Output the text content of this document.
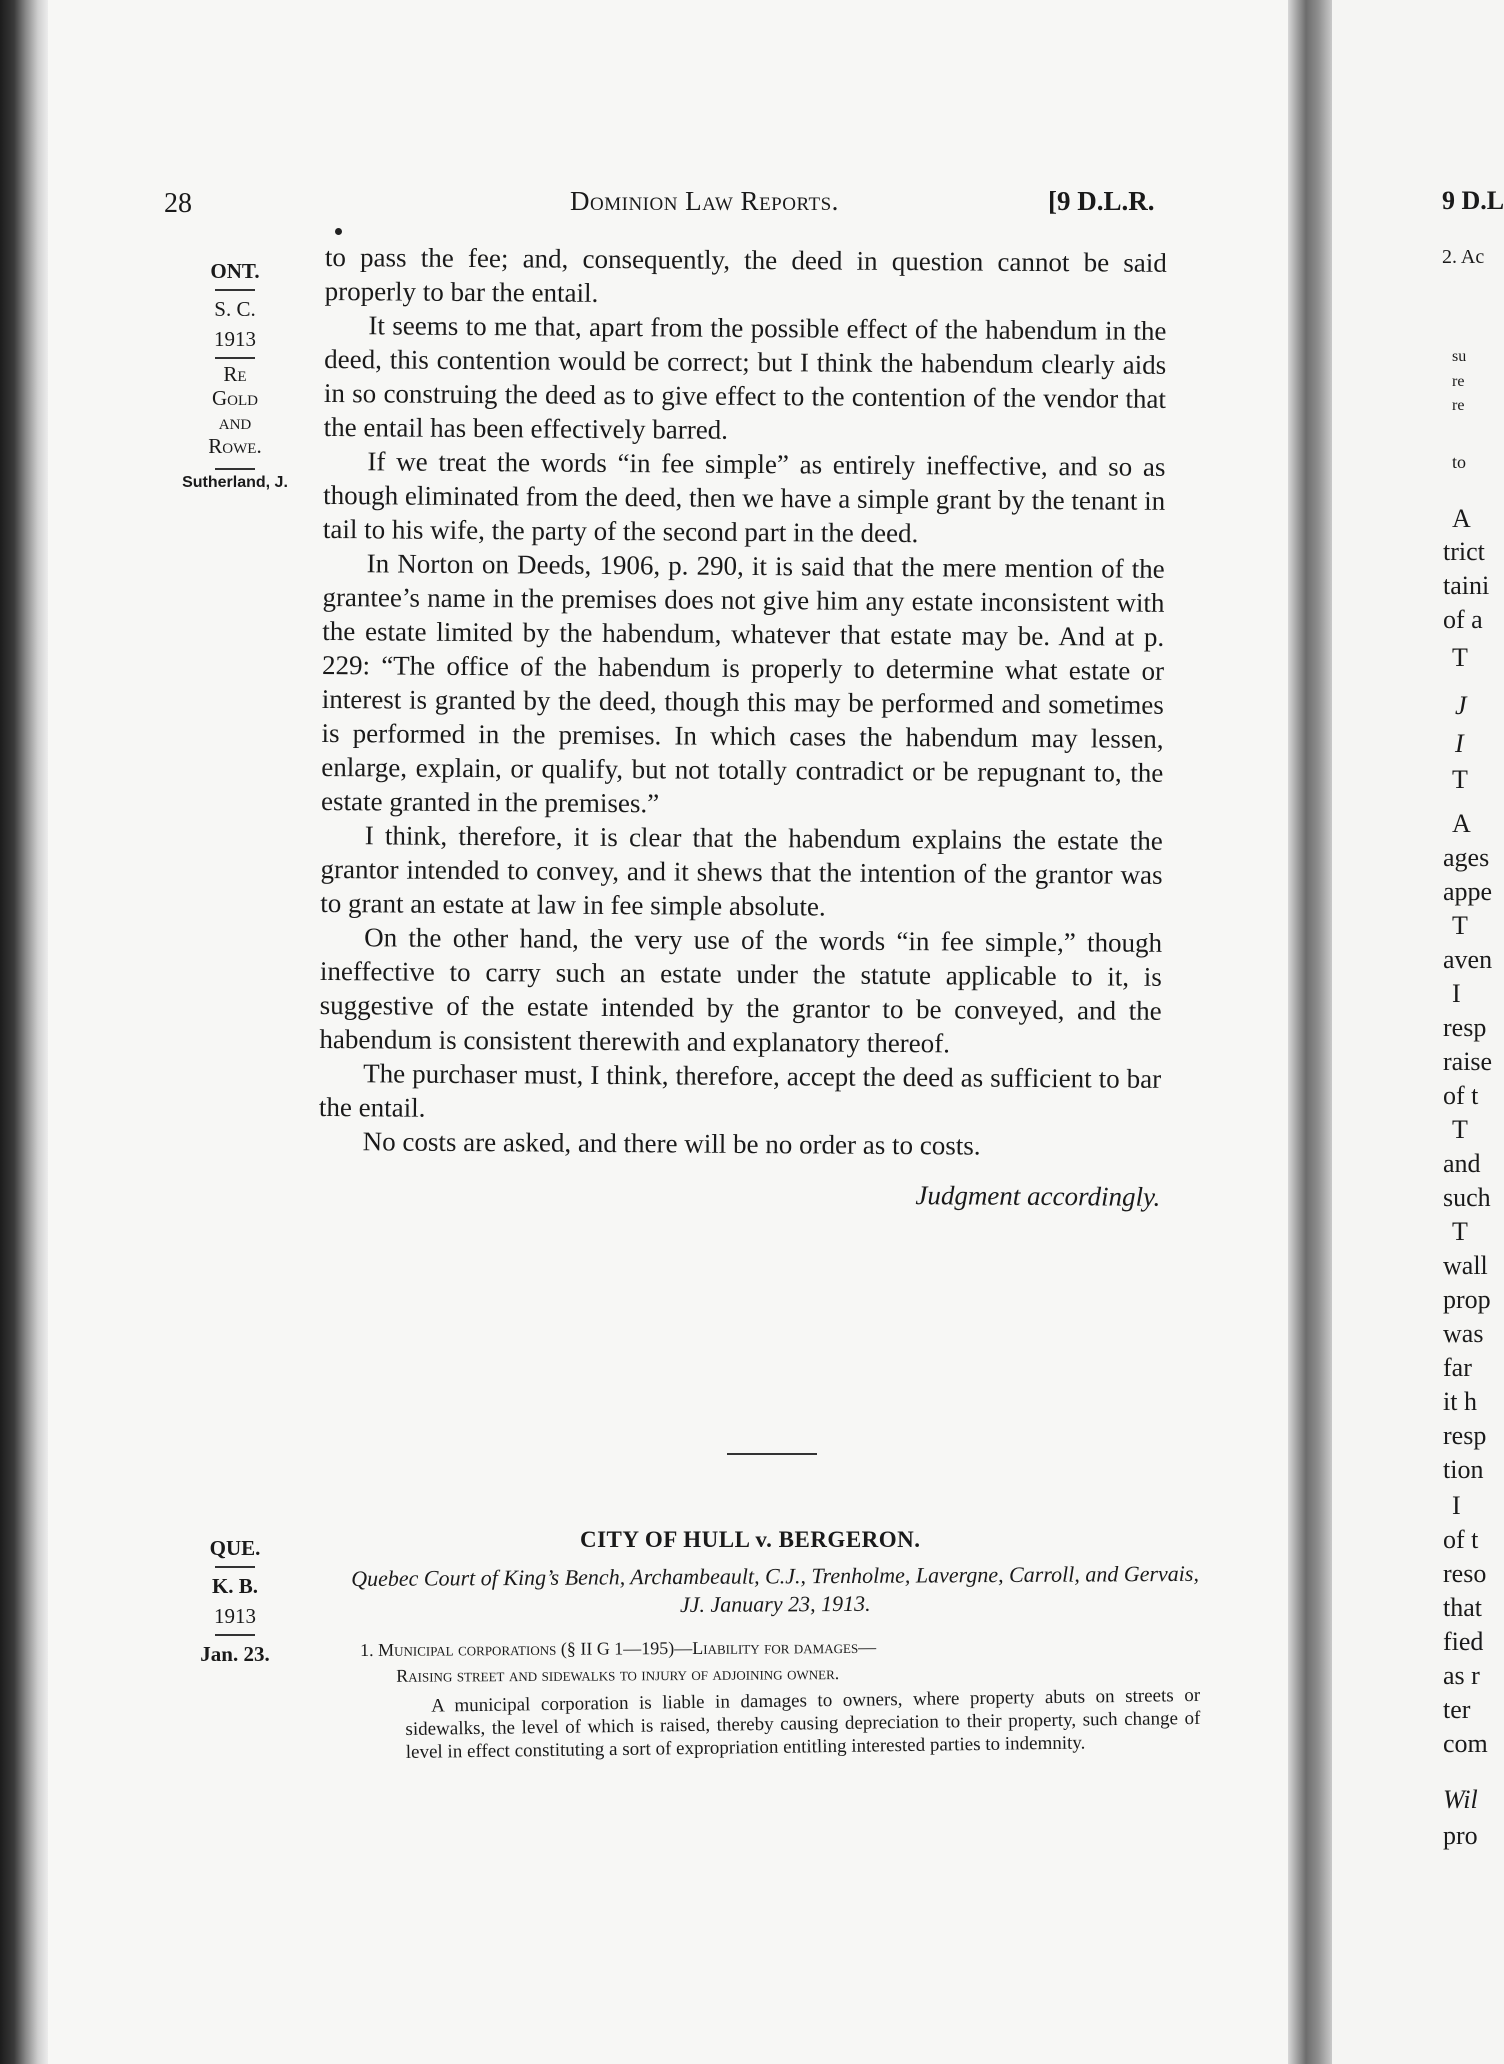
28	Dominion Law Reports.	[9 D.L.R.
ONT.
S. C.
1913
Re
Gold
and
Rowe.
Sutherland, J.

to pass the fee; and, consequently, the deed in question cannot be said properly to bar the entail.

It seems to me that, apart from the possible effect of the habendum in the deed, this contention would be correct; but I think the habendum clearly aids in so construing the deed as to give effect to the contention of the vendor that the entail has been effectively barred.

If we treat the words “in fee simple” as entirely ineffective, and so as though eliminated from the deed, then we have a simple grant by the tenant in tail to his wife, the party of the second part in the deed.

In Norton on Deeds, 1906, p. 290, it is said that the mere mention of the grantee’s name in the premises does not give him any estate inconsistent with the estate limited by the habendum, whatever that estate may be. And at p. 229: “The office of the habendum is properly to determine what estate or interest is granted by the deed, though this may be performed and sometimes is performed in the premises. In which cases the habendum may lessen, enlarge, explain, or qualify, but not totally contradict or be repugnant to, the estate granted in the premises.”

I think, therefore, it is clear that the habendum explains the estate the grantor intended to convey, and it shews that the intention of the grantor was to grant an estate at law in fee simple absolute.

On the other hand, the very use of the words “in fee simple,” though ineffective to carry such an estate under the statute applicable to it, is suggestive of the estate intended by the grantor to be conveyed, and the habendum is consistent therewith and explanatory thereof.

The purchaser must, I think, therefore, accept the deed as sufficient to bar the entail.

No costs are asked, and there will be no order as to costs.

Judgment accordingly.

QUE.
K. B.
1913
Jan. 23.
CITY OF HULL v. BERGERON.
Quebec Court of King’s Bench, Archambeault, C.J., Trenholme, Lavergne, Carroll, and Gervais, JJ. January 23, 1913.
1. Municipal corporations (§ II G 1—195)—Liability for damages—
Raising street and sidewalks to injury of adjoining owner.
A municipal corporation is liable in damages to owners, where property abuts on streets or sidewalks, the level of which is raised, thereby causing depreciation to their property, such change of level in effect constituting a sort of expropriation entitling interested parties to indemnity.
9 D.L
2. Ac
su
re
re
to
A
trict
taini
of a
T
J
I
T
A
ages
appe
T
aven
I
resp
raise
of t
T
and
such
T
wall
prop
was
far
it h
resp
tion
I
of t
reso
that
fied
as r
ter
com
Wil
pro
